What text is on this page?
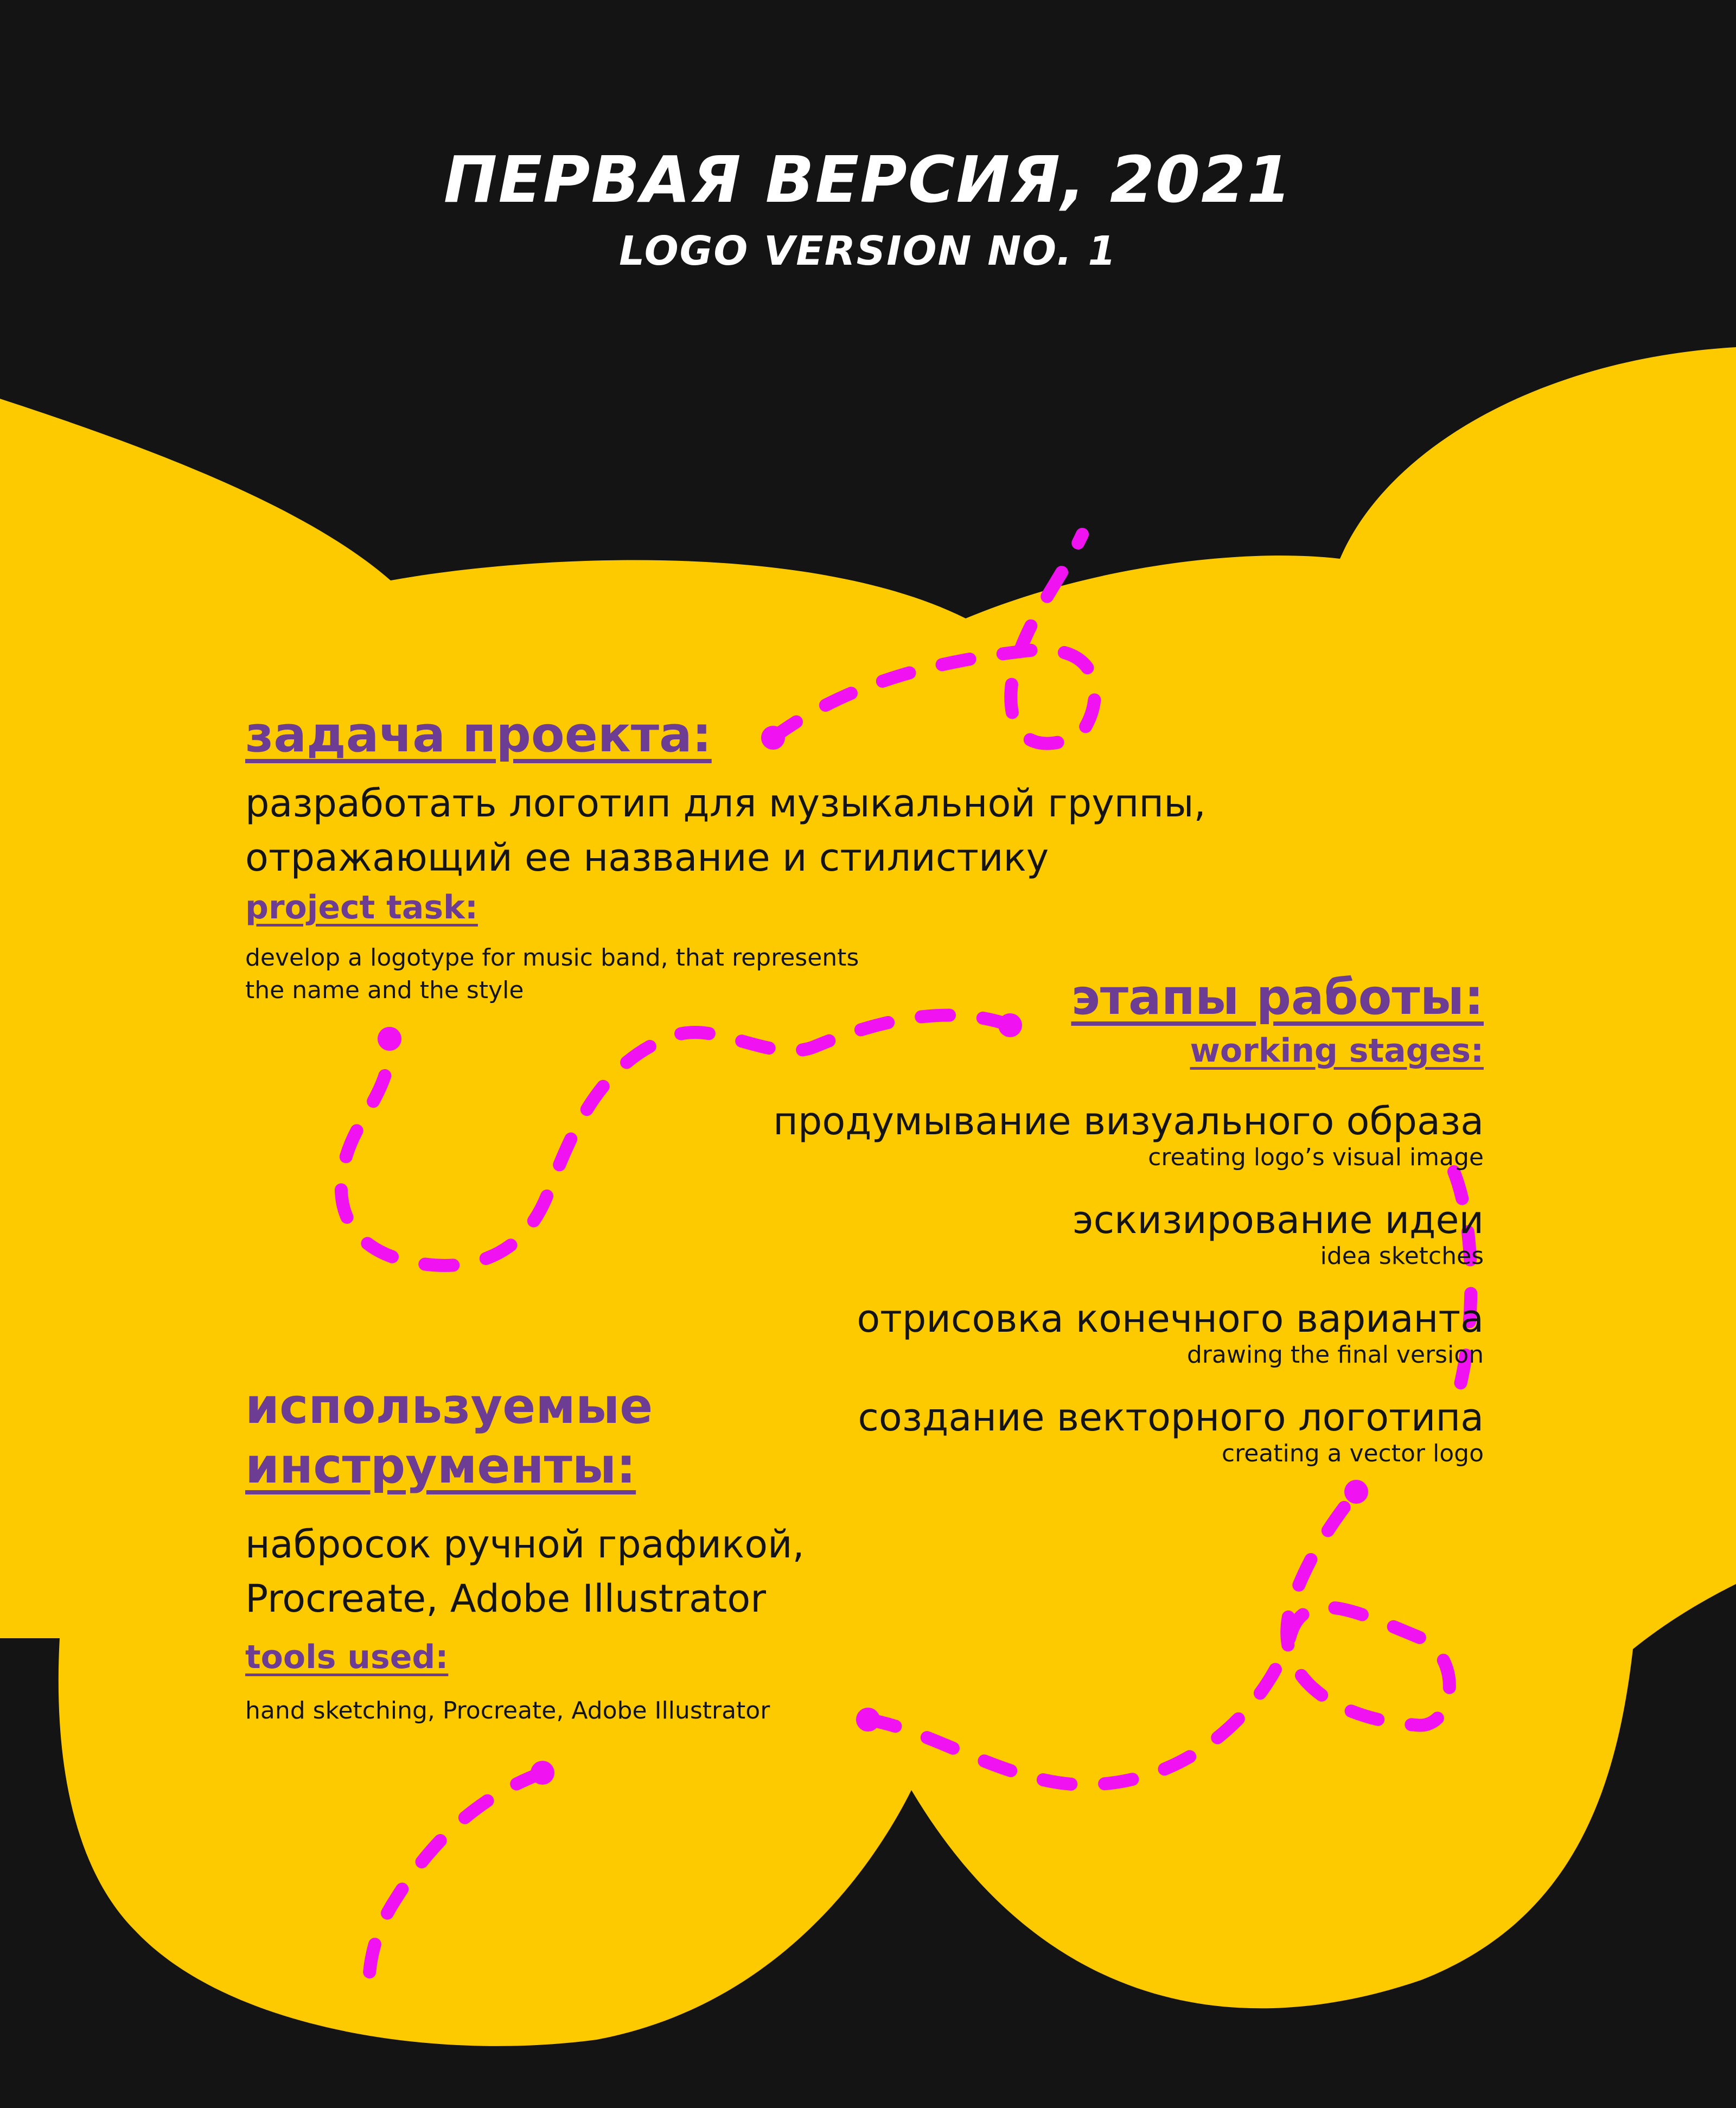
ПЕРВАЯ ВЕРСИЯ, 2021
LOGO VERSION NO. 1
задача проекта:
разработать логотип для музыкальной группы,
отражающий ее название и стилистику
project task:
develop a logotype for music band, that represents
the name and the style	этапы работы:
working stages:
продумывание визуального образа
creating logo’s visual image
эскизирование идеи
idea sketches
отрисовка конечного варианта
drawing the final version
создание векторного логотипа
creating a vector logo
используемые
инструменты:
набросок ручной графикой,
Procreate, Adobe Illustrator
tools used:
hand sketching, Procreate, Adobe Illustrator
